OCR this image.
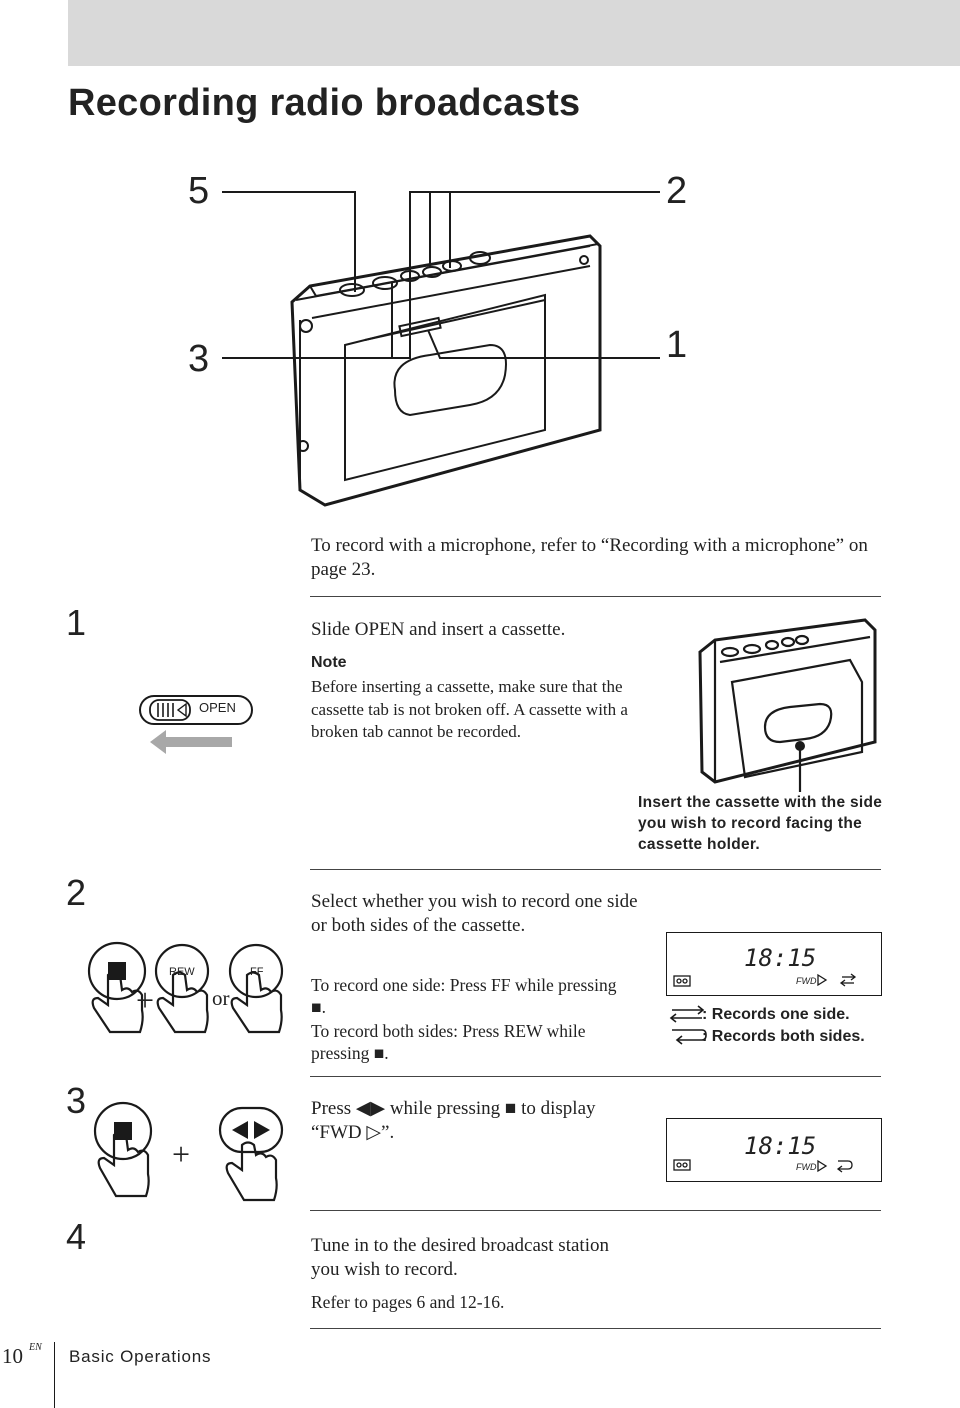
Recording radio broadcasts
5	2
3	1
To record with a microphone, refer to “Recording with a microphone” on page 23.
1	Slide OPEN and insert a cassette.
Note
Before inserting a cassette, make sure that the cassette tab is not broken off. A cassette with a broken tab cannot be recorded.
OPEN
Insert the cassette with the side you wish to record facing the cassette holder.
2
REW	FF
+	or
Select whether you wish to record one side or both sides of the cassette.
To record one side: Press FF while pressing ■.
To record both sides: Press REW while pressing ■.
18:15
FWD
: Records one side.
: Records both sides.
3
+
Press ◀▶ while pressing ■ to display “FWD ▷”.	18:15
FWD
4	Tune in to the desired broadcast station you wish to record.
Refer to pages 6 and 12-16.
10 EN Basic Operations
